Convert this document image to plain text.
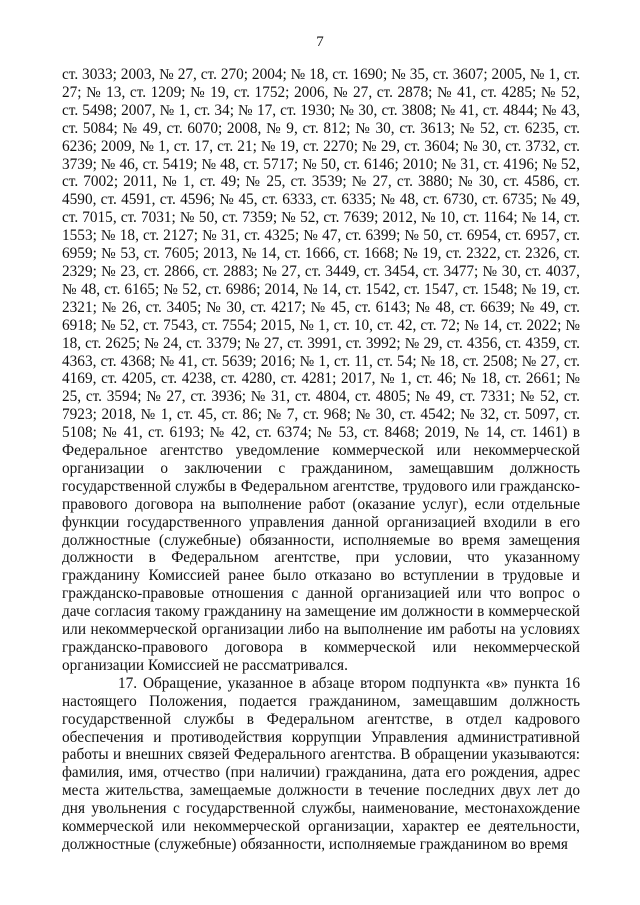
7

ст. 3033; 2003, № 27, ст. 270; 2004; № 18, ст. 1690; № 35, ст. 3607; 2005, № 1, ст. 27; № 13, ст. 1209; № 19, ст. 1752; 2006, № 27, ст. 2878; № 41, ст. 4285; № 52, ст. 5498; 2007, № 1, ст. 34; № 17, ст. 1930; № 30, ст. 3808; № 41, ст. 4844; № 43, ст. 5084; № 49, ст. 6070; 2008, № 9, ст. 812; № 30, ст. 3613; № 52, ст. 6235, ст. 6236; 2009, № 1, ст. 17, ст. 21; № 19, ст. 2270; № 29, ст. 3604; № 30, ст. 3732, ст. 3739; № 46, ст. 5419; № 48, ст. 5717; № 50, ст. 6146; 2010; № 31, ст. 4196; № 52, ст. 7002; 2011, № 1, ст. 49; № 25, ст. 3539; № 27, ст. 3880; № 30, ст. 4586, ст. 4590, ст. 4591, ст. 4596; № 45, ст. 6333, ст. 6335; № 48, ст. 6730, ст. 6735; № 49, ст. 7015, ст. 7031; № 50, ст. 7359; № 52, ст. 7639; 2012, № 10, ст. 1164; № 14, ст. 1553; № 18, ст. 2127; № 31, ст. 4325; № 47, ст. 6399; № 50, ст. 6954, ст. 6957, ст. 6959; № 53, ст. 7605; 2013, № 14, ст. 1666, ст. 1668; № 19, ст. 2322, ст. 2326, ст. 2329; № 23, ст. 2866, ст. 2883; № 27, ст. 3449, ст. 3454, ст. 3477; № 30, ст. 4037, № 48, ст. 6165; № 52, ст. 6986; 2014, № 14, ст. 1542, ст. 1547, ст. 1548; № 19, ст. 2321; № 26, ст. 3405; № 30, ст. 4217; № 45, ст. 6143; № 48, ст. 6639; № 49, ст. 6918; № 52, ст. 7543, ст. 7554; 2015, № 1, ст. 10, ст. 42, ст. 72; № 14, ст. 2022; № 18, ст. 2625; № 24, ст. 3379; № 27, ст. 3991, ст. 3992; № 29, ст. 4356, ст. 4359, ст. 4363, ст. 4368; № 41, ст. 5639; 2016; № 1, ст. 11, ст. 54; № 18, ст. 2508; № 27, ст. 4169, ст. 4205, ст. 4238, ст. 4280, ст. 4281; 2017, № 1, ст. 46; № 18, ст. 2661; № 25, ст. 3594; № 27, ст. 3936; № 31, ст. 4804, ст. 4805; № 49, ст. 7331; № 52, ст. 7923; 2018, № 1, ст. 45, ст. 86; № 7, ст. 968; № 30, ст. 4542; № 32, ст. 5097, ст. 5108; № 41, ст. 6193; № 42, ст. 6374; № 53, ст. 8468; 2019, № 14, ст. 1461) в Федеральное агентство уведомление коммерческой или некоммерческой организации о заключении с гражданином, замещавшим должность государственной службы в Федеральном агентстве, трудового или гражданско-правового договора на выполнение работ (оказание услуг), если отдельные функции государственного управления данной организацией входили в его должностные (служебные) обязанности, исполняемые во время замещения должности в Федеральном агентстве, при условии, что указанному гражданину Комиссией ранее было отказано во вступлении в трудовые и гражданско-правовые отношения с данной организацией или что вопрос о даче согласия такому гражданину на замещение им должности в коммерческой или некоммерческой организации либо на выполнение им работы на условиях гражданско-правового договора в коммерческой или некоммерческой организации Комиссией не рассматривался.

17. Обращение, указанное в абзаце втором подпункта «в» пункта 16 настоящего Положения, подается гражданином, замещавшим должность государственной службы в Федеральном агентстве, в отдел кадрового обеспечения и противодействия коррупции Управления административной работы и внешних связей Федерального агентства. В обращении указываются: фамилия, имя, отчество (при наличии) гражданина, дата его рождения, адрес места жительства, замещаемые должности в течение последних двух лет до дня увольнения с государственной службы, наименование, местонахождение коммерческой или некоммерческой организации, характер ее деятельности, должностные (служебные) обязанности, исполняемые гражданином во время
